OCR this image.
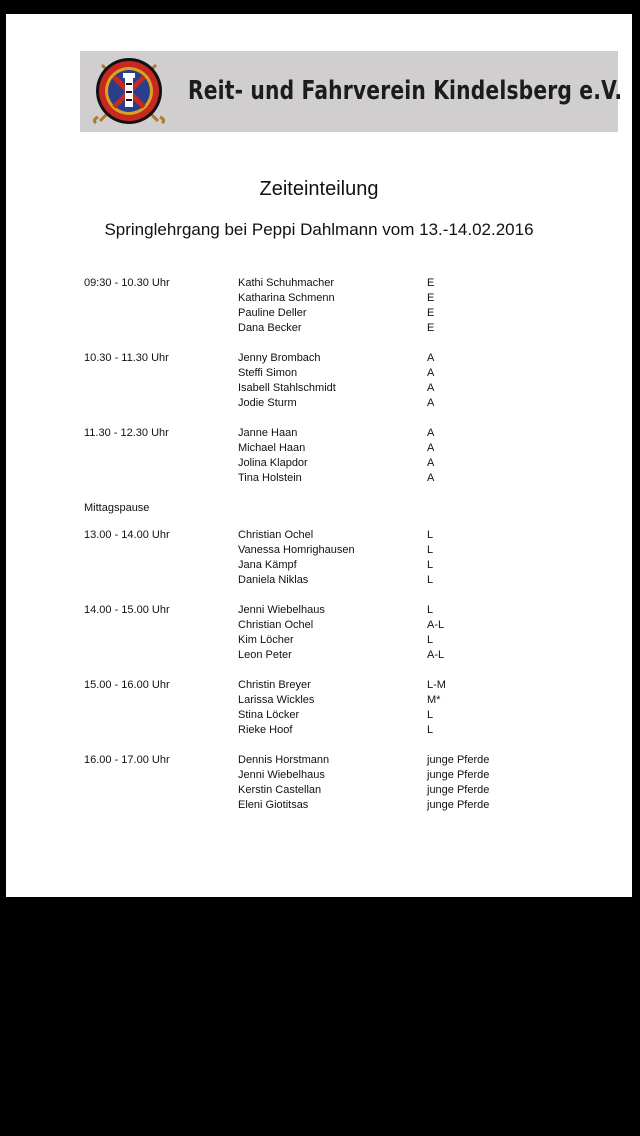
Reit- und Fahrverein Kindelsberg e.V.
Zeiteinteilung
Springlehrgang bei Peppi Dahlmann vom 13.-14.02.2016
09:30 - 10.30 Uhr	Kathi Schuhmacher	E
Katharina Schmenn	E
Pauline Deller	E
Dana Becker	E
10.30 - 11.30 Uhr	Jenny Brombach	A
Steffi Simon	A
Isabell Stahlschmidt	A
Jodie Sturm	A
11.30 - 12.30 Uhr	Janne Haan	A
Michael Haan	A
Jolina Klapdor	A
Tina Holstein	A
Mittagspause
13.00 - 14.00 Uhr	Christian Ochel	L
Vanessa Homrighausen	L
Jana Kämpf	L
Daniela Niklas	L
14.00 - 15.00 Uhr	Jenni Wiebelhaus	L
Christian Ochel	A-L
Kim Löcher	L
Leon Peter	A-L
15.00 - 16.00 Uhr	Christin Breyer	L-M
Larissa Wickles	M*
Stina Löcker	L
Rieke Hoof	L
16.00 - 17.00 Uhr	Dennis Horstmann	junge Pferde
Jenni Wiebelhaus	junge Pferde
Kerstin Castellan	junge Pferde
Eleni Giotitsas	junge Pferde
